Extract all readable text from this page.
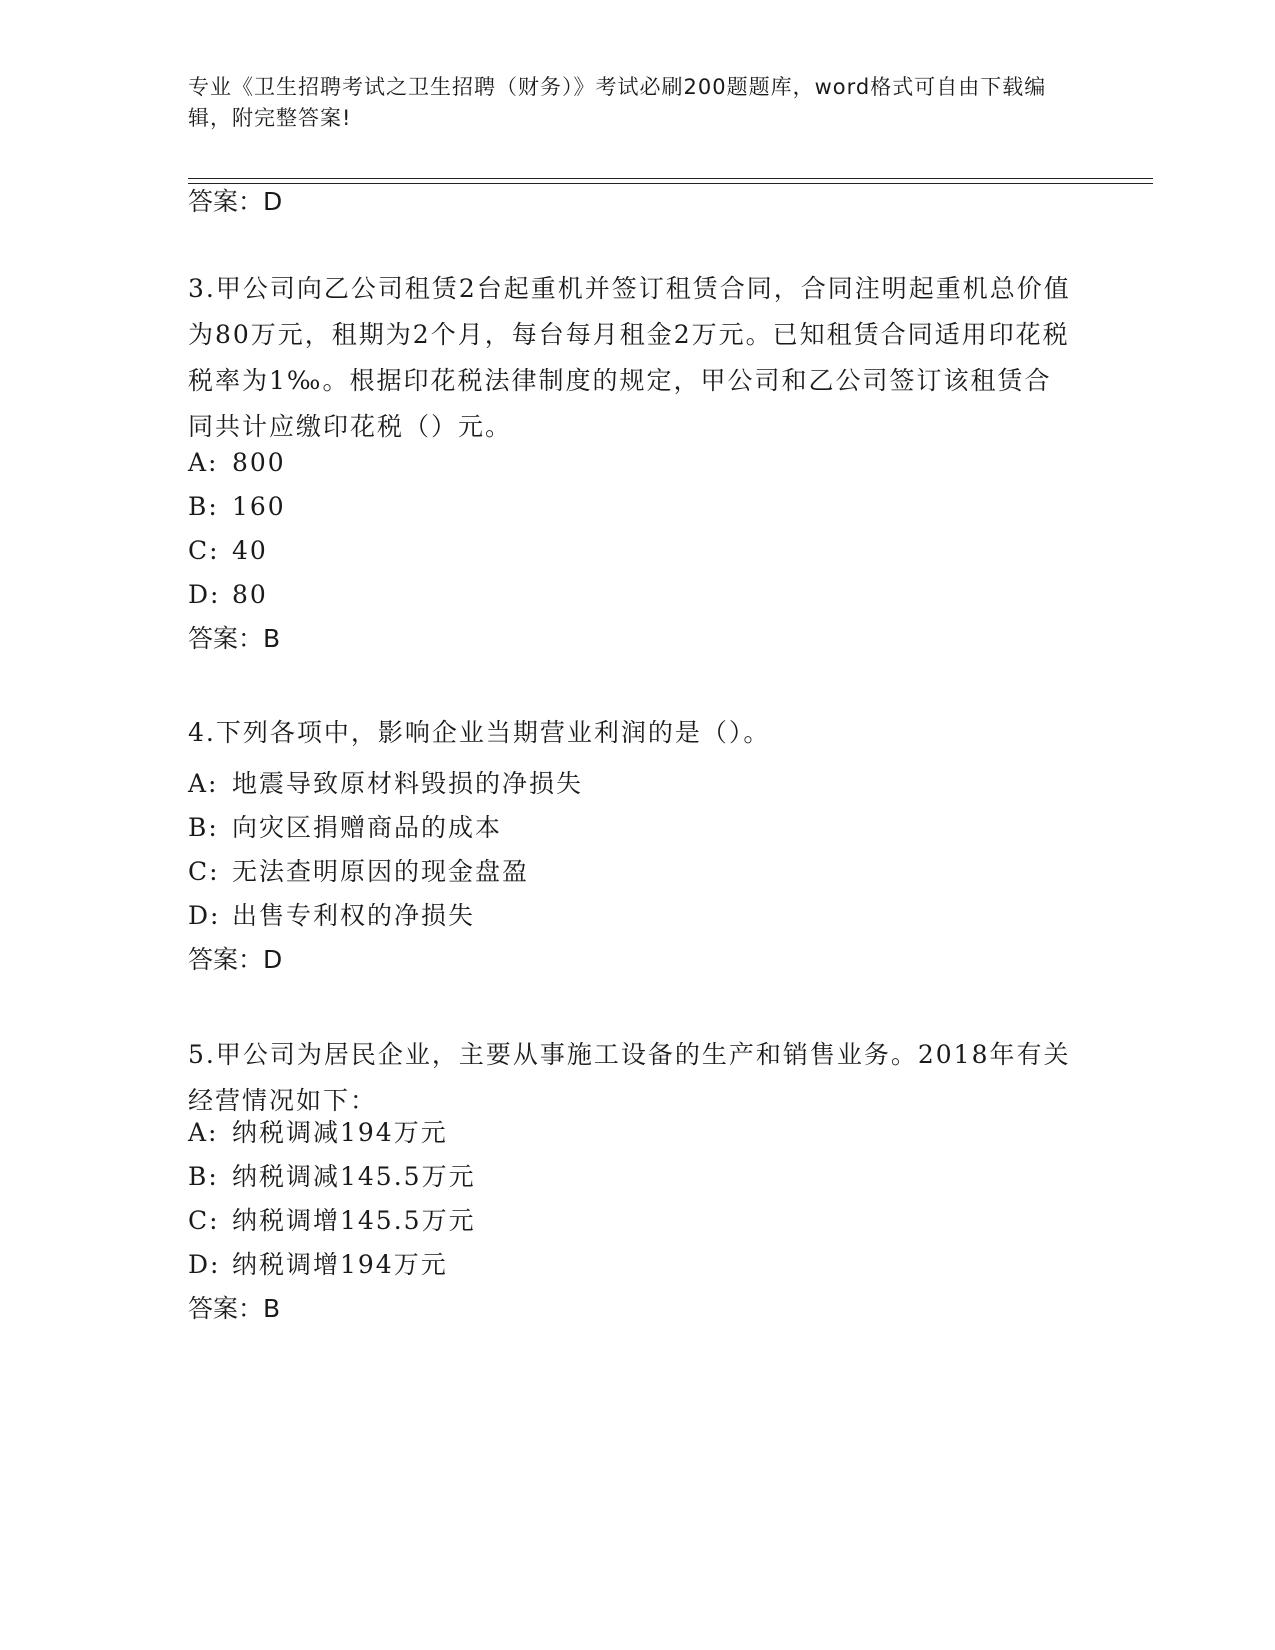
专业《卫生招聘考试之卫生招聘（财务）》考试必刷200题题库，word格式可自由下载编辑，附完整答案!
答案：D
3.甲公司向乙公司租赁2台起重机并签订租赁合同，合同注明起重机总价值为80万元，租期为2个月，每台每月租金2万元。已知租赁合同适用印花税税率为1‰。根据印花税法律制度的规定，甲公司和乙公司签订该租赁合同共计应缴印花税（）元。
A: 800
B: 160
C: 40
D: 80
答案：B
4.下列各项中，影响企业当期营业利润的是（）。
A: 地震导致原材料毁损的净损失
B: 向灾区捐赠商品的成本
C: 无法查明原因的现金盘盈
D: 出售专利权的净损失
答案：D
5.甲公司为居民企业，主要从事施工设备的生产和销售业务。2018年有关经营情况如下：
A: 纳税调减194万元
B: 纳税调减145.5万元
C: 纳税调增145.5万元
D: 纳税调增194万元
答案：B
